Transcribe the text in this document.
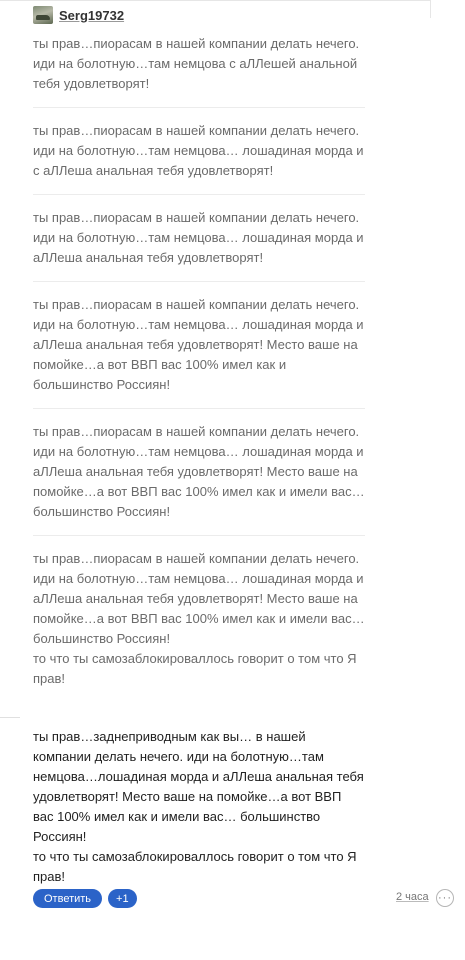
Serg19732
ты прав…пиорасам в нашей компании делать нечего. иди на болотную…там немцова с аЛЛешей анальной тебя удовлетворят!
ты прав…пиорасам в нашей компании делать нечего. иди на болотную…там немцова… лошадиная морда и с аЛЛеша анальная тебя удовлетворят!
ты прав…пиорасам в нашей компании делать нечего. иди на болотную…там немцова… лошадиная морда и аЛЛеша анальная тебя удовлетворят!
ты прав…пиорасам в нашей компании делать нечего. иди на болотную…там немцова… лошадиная морда и аЛЛеша анальная тебя удовлетворят! Место ваше на помойке…а вот ВВП вас 100% имел как и большинство Россиян!
ты прав…пиорасам в нашей компании делать нечего. иди на болотную…там немцова… лошадиная морда и аЛЛеша анальная тебя удовлетворят! Место ваше на помойке…а вот ВВП вас 100% имел как и имели вас… большинство Россиян!
ты прав…пиорасам в нашей компании делать нечего. иди на болотную…там немцова… лошадиная морда и аЛЛеша анальная тебя удовлетворят! Место ваше на помойке…а вот ВВП вас 100% имел как и имели вас… большинство Россиян!
то что ты самозаблокироваллось говорит о том что Я прав!
ты прав…заднеприводным как вы… в нашей компании делать нечего. иди на болотную…там немцова…лошадиная морда и аЛЛеша анальная тебя удовлетворят! Место ваше на помойке…а вот ВВП вас 100% имел как и имели вас… большинство Россиян!
то что ты самозаблокироваллось говорит о том что Я прав!
Ответить	+1	2 часа ···
